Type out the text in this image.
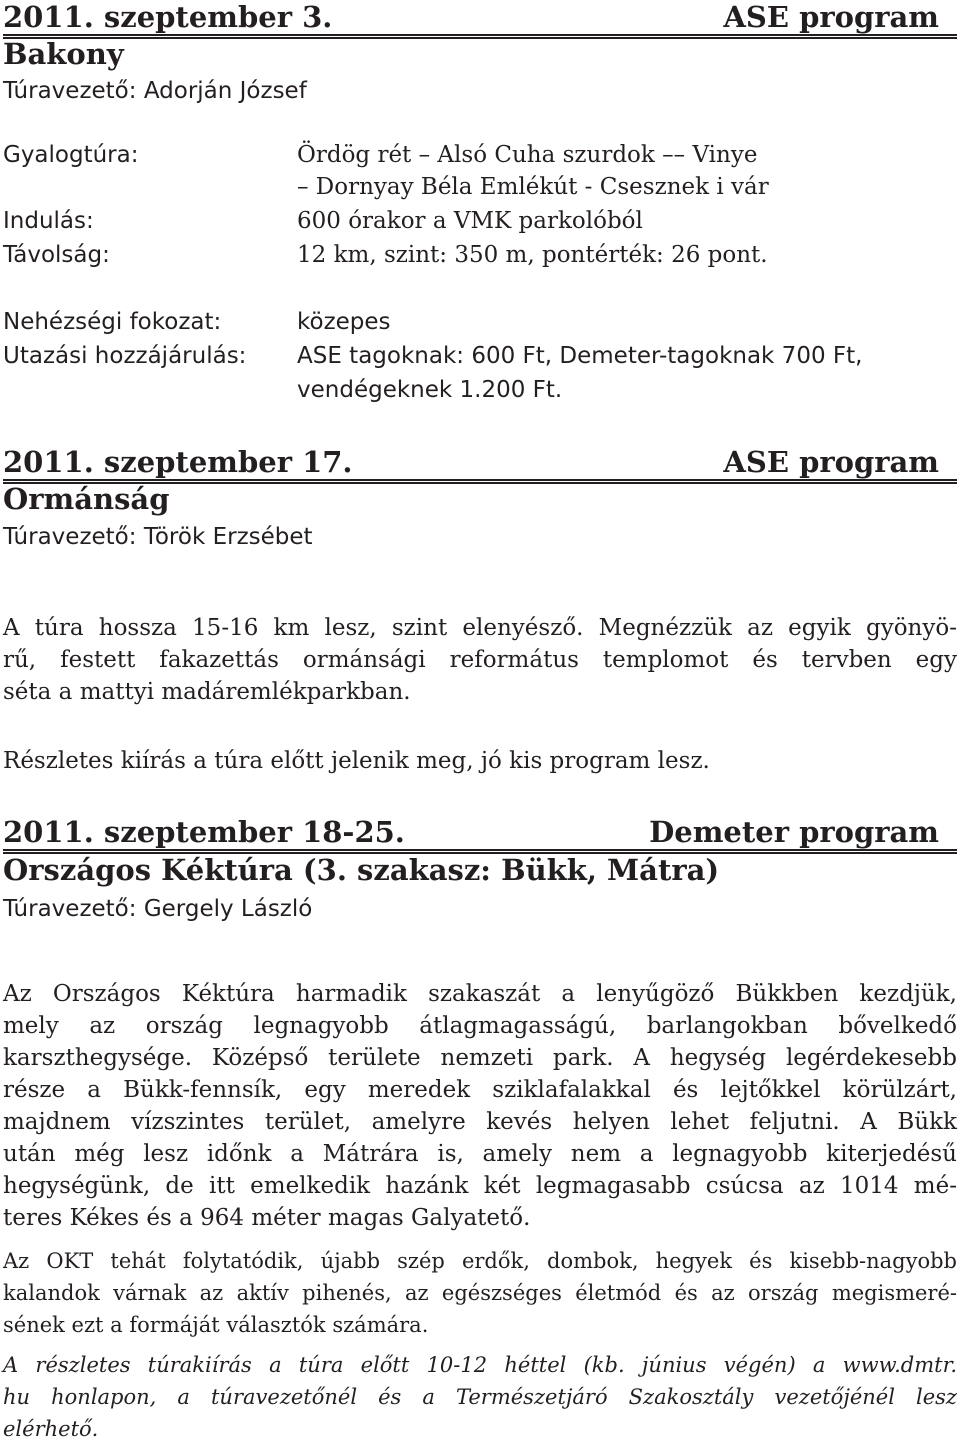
2011. szeptember 3.	ASE program
Bakony
Túravezető: Adorján József
Gyalogtúra:	Ördög rét – Alsó Cuha szurdok –– Vinye
– Dornyay Béla Emlékút - Csesznek i vár
Indulás:	600 órakor a VMK parkolóból
Távolság:	12 km, szint: 350 m, pontérték: 26 pont.
Nehézségi fokozat:	közepes
Utazási hozzájárulás: ASE tagoknak: 600 Ft, Demeter-tagoknak 700 Ft,
vendégeknek 1.200 Ft.
2011. szeptember 17.	ASE program
Ormánság
Túravezető: Török Erzsébet
A túra hossza 15-16 km lesz, szint elenyésző. Megnézzük az egyik gyönyö-
rű, festett fakazettás ormánsági református templomot és tervben egy
séta a mattyi madáremlékparkban.
Részletes kiírás a túra előtt jelenik meg, jó kis program lesz.
2011. szeptember 18-25.	Demeter program
Országos Kéktúra (3. szakasz: Bükk, Mátra)
Túravezető: Gergely László
Az Országos Kéktúra harmadik szakaszát a lenyűgöző Bükkben kezdjük,
mely az ország legnagyobb átlagmagasságú, barlangokban bővelkedő
karszthegysége. Középső területe nemzeti park. A hegység legérdekesebb
része a Bükk-fennsík, egy meredek sziklafalakkal és lejtőkkel körülzárt,
majdnem vízszintes terület, amelyre kevés helyen lehet feljutni. A Bükk
után még lesz időnk a Mátrára is, amely nem a legnagyobb kiterjedésű
hegységünk, de itt emelkedik hazánk két legmagasabb csúcsa az 1014 mé-
teres Kékes és a 964 méter magas Galyatető.
Az OKT tehát folytatódik, újabb szép erdők, dombok, hegyek és kisebb-nagyobb
kalandok várnak az aktív pihenés, az egészséges életmód és az ország megismeré-
sének ezt a formáját választók számára.
A részletes túrakiírás a túra előtt 10-12 héttel (kb. június végén) a www.dmtr.
hu honlapon, a túravezetőnél és a Természetjáró Szakosztály vezetőjénél lesz
elérhető.
